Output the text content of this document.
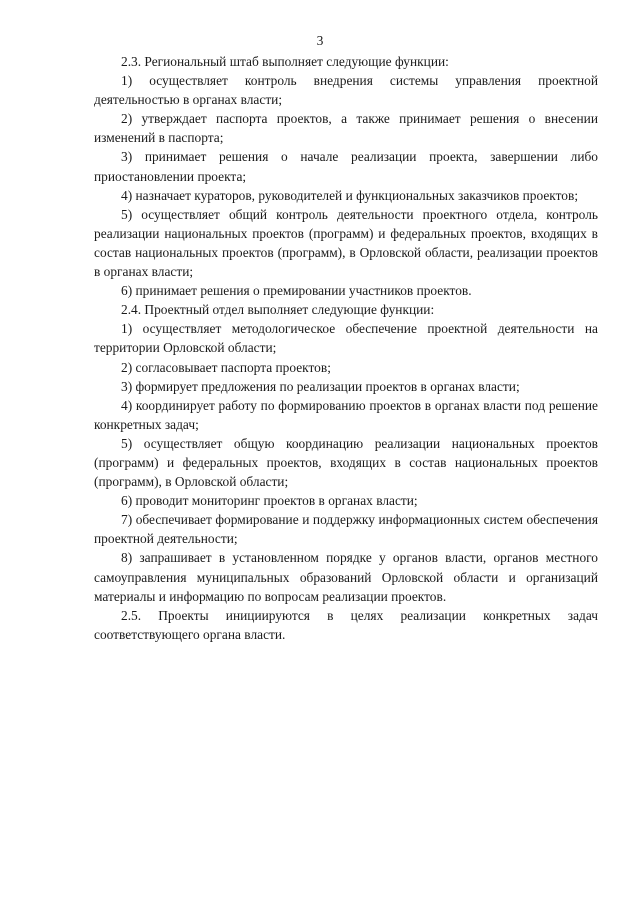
3

2.3. Региональный штаб выполняет следующие функции:

1) осуществляет контроль внедрения системы управления проектной деятельностью в органах власти;

2) утверждает паспорта проектов, а также принимает решения о внесении изменений в паспорта;

3) принимает решения о начале реализации проекта, завершении либо приостановлении проекта;

4) назначает кураторов, руководителей и функциональных заказчиков проектов;

5) осуществляет общий контроль деятельности проектного отдела, контроль реализации национальных проектов (программ) и федеральных проектов, входящих в состав национальных проектов (программ), в Орловской области, реализации проектов в органах власти;

6) принимает решения о премировании участников проектов.

2.4. Проектный отдел выполняет следующие функции:

1) осуществляет методологическое обеспечение проектной деятельности на территории Орловской области;

2) согласовывает паспорта проектов;

3) формирует предложения по реализации проектов в органах власти;

4) координирует работу по формированию проектов в органах власти под решение конкретных задач;

5) осуществляет общую координацию реализации национальных проектов (программ) и федеральных проектов, входящих в состав национальных проектов (программ), в Орловской области;

6) проводит мониторинг проектов в органах власти;

7) обеспечивает формирование и поддержку информационных систем обеспечения проектной деятельности;

8) запрашивает в установленном порядке у органов власти, органов местного самоуправления муниципальных образований Орловской области и организаций материалы и информацию по вопросам реализации проектов.

2.5. Проекты инициируются в целях реализации конкретных задач соответствующего органа власти.
